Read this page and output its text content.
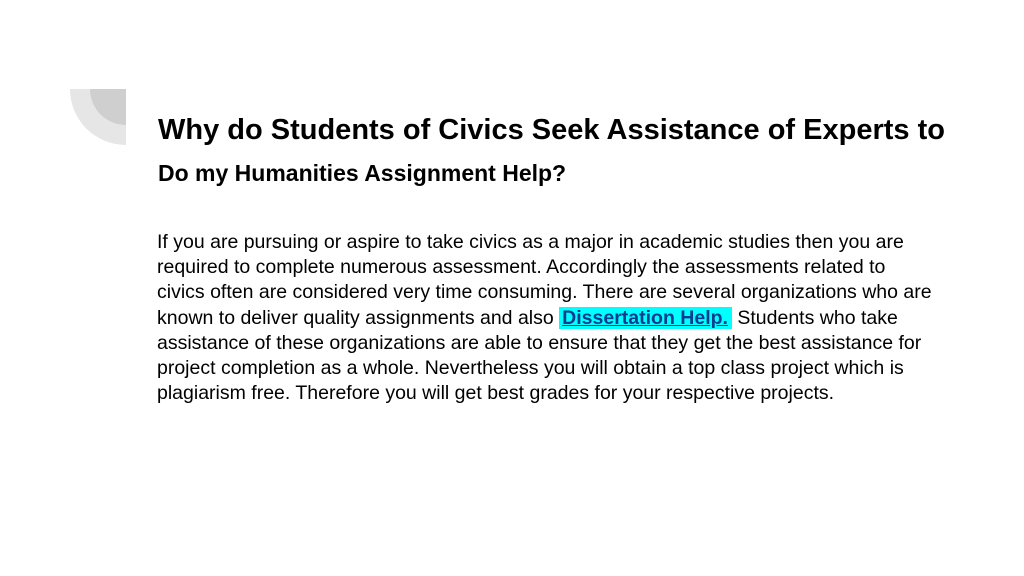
Why do Students of Civics Seek Assistance of Experts to Do my Humanities Assignment Help?

If you are pursuing or aspire to take civics as a major in academic studies then you are required to complete numerous assessment. Accordingly the assessments related to civics often are considered very time consuming. There are several organizations who are known to deliver quality assignments and also Dissertation Help. Students who take assistance of these organizations are able to ensure that they get the best assistance for project completion as a whole. Nevertheless you will obtain a top class project which is plagiarism free. Therefore you will get best grades for your respective projects.
